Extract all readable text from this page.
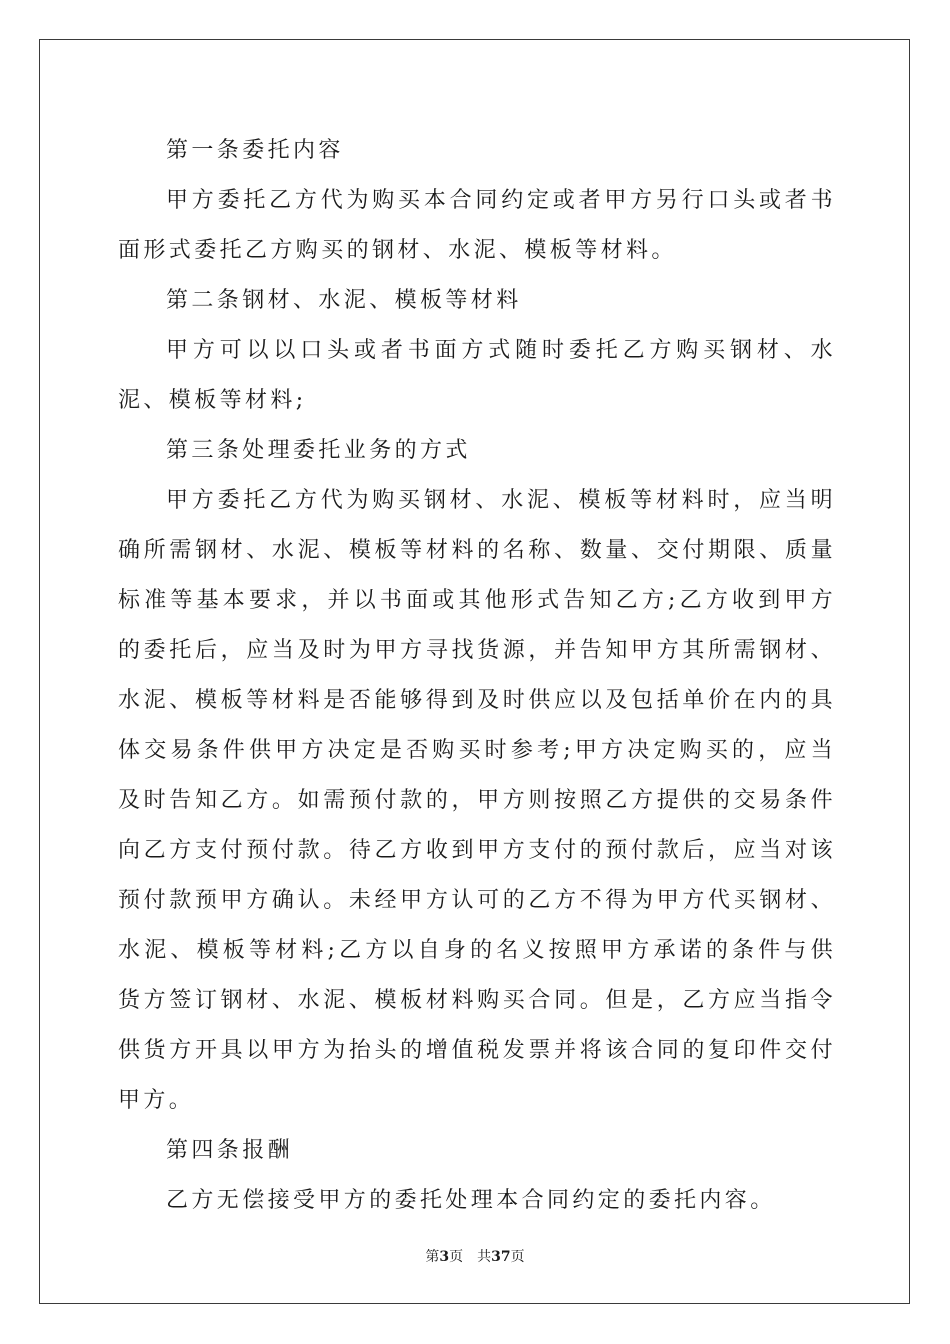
第一条委托内容

甲方委托乙方代为购买本合同约定或者甲方另行口头或者书面形式委托乙方购买的钢材、水泥、模板等材料。

第二条钢材、水泥、模板等材料

甲方可以以口头或者书面方式随时委托乙方购买钢材、水泥、模板等材料;

第三条处理委托业务的方式

甲方委托乙方代为购买钢材、水泥、模板等材料时，应当明确所需钢材、水泥、模板等材料的名称、数量、交付期限、质量标准等基本要求，并以书面或其他形式告知乙方;乙方收到甲方的委托后，应当及时为甲方寻找货源，并告知甲方其所需钢材、水泥、模板等材料是否能够得到及时供应以及包括单价在内的具体交易条件供甲方决定是否购买时参考;甲方决定购买的，应当及时告知乙方。如需预付款的，甲方则按照乙方提供的交易条件向乙方支付预付款。待乙方收到甲方支付的预付款后，应当对该预付款预甲方确认。未经甲方认可的乙方不得为甲方代买钢材、水泥、模板等材料;乙方以自身的名义按照甲方承诺的条件与供货方签订钢材、水泥、模板材料购买合同。但是，乙方应当指令供货方开具以甲方为抬头的增值税发票并将该合同的复印件交付甲方。

第四条报酬

乙方无偿接受甲方的委托处理本合同约定的委托内容。

第3页 共37页
